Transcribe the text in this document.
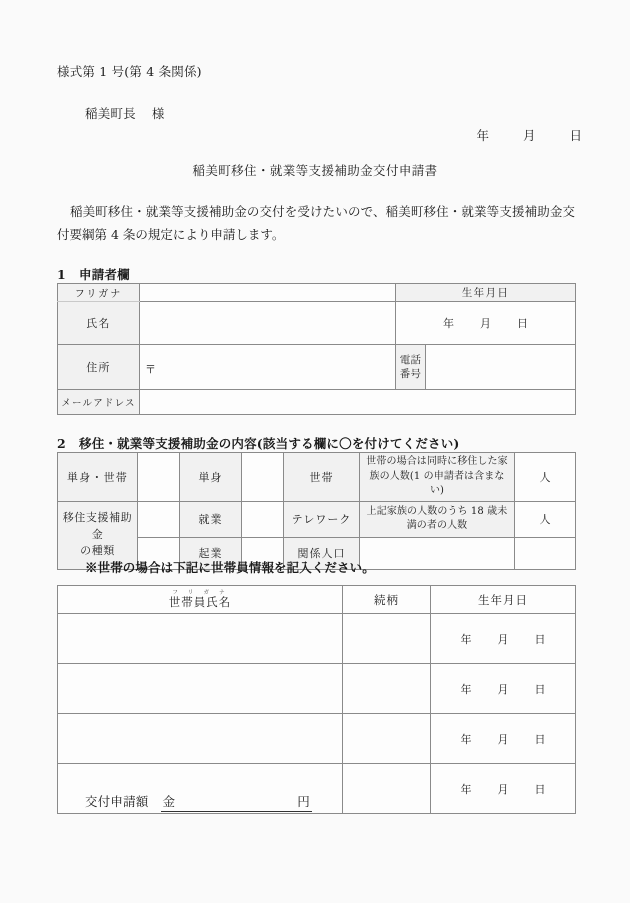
様式第 1 号(第 4 条関係)
稲美町長 様
年	月	日
稲美町移住・就業等支援補助金交付申請書
稲美町移住・就業等支援補助金の交付を受けたいので、稲美町移住・就業等支援補助金交付要綱第 4 条の規定により申請します。
1 申請者欄
フリガナ		生年月日	
氏名		年 月 日	
住所	〒	電話
番号	
メールアドレス			
2 移住・就業等支援補助金の内容(該当する欄に〇を付けてください)
単身・世帯		単身		世帯	世帯の場合は同時に移住した家族の人数(1 の申請者は含まない)	人
移住支援補助金
の種類		就業		テレワーク	上記家族の人数のうち 18 歳未満の者の人数	人
		起業		関係人口		
※世帯の場合は下記に世帯員情報を記入ください。
世帯員氏名フリガナ	続柄	生年月日
		年 月 日
		年 月 日
		年 月 日
		年 月 日
交付申請額 金	円
